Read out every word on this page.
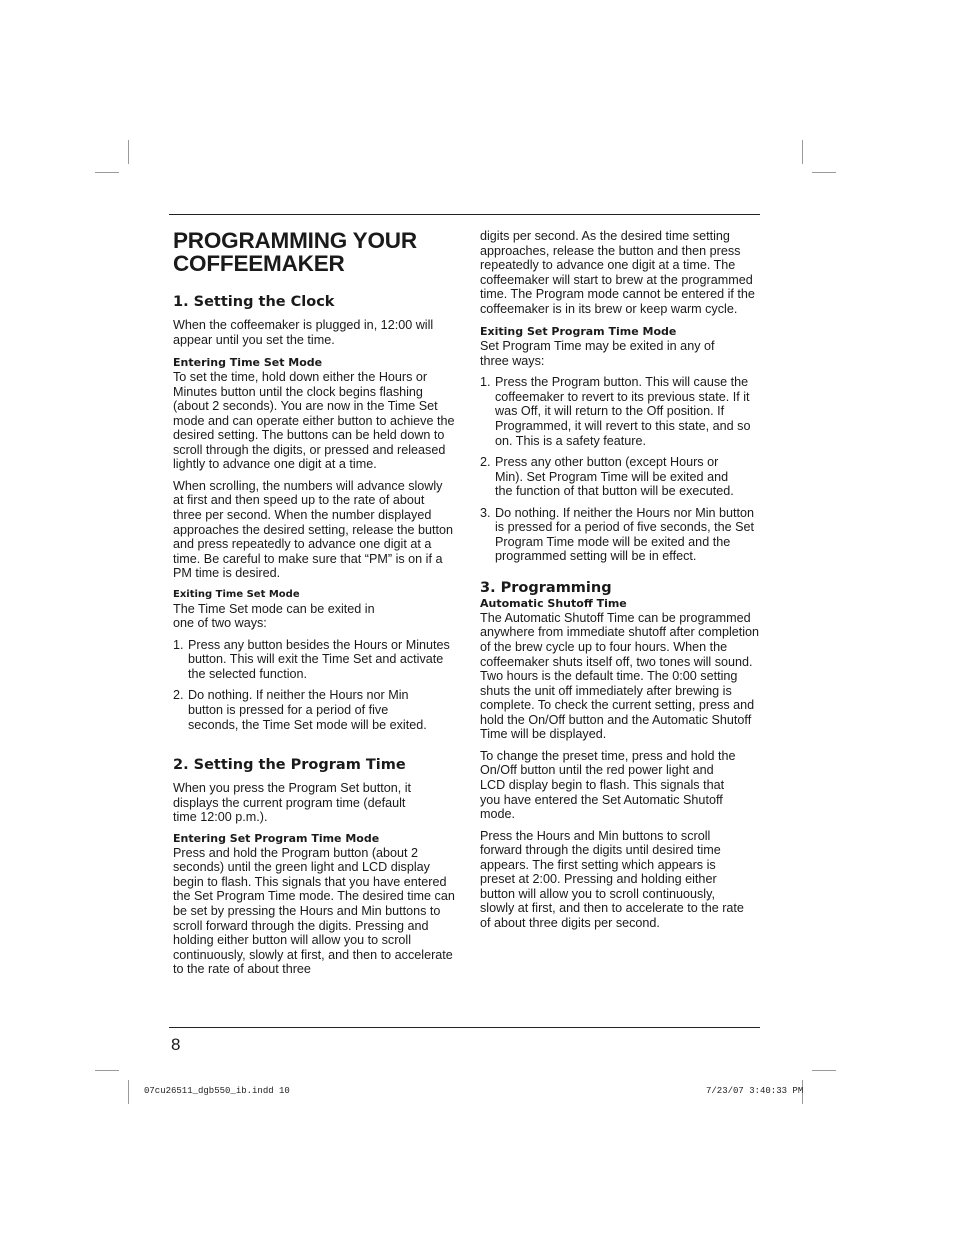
PROGRAMMING YOUR COFFEEMAKER
1. Setting the Clock

When the coffeemaker is plugged in, 12:00 will appear until you set the time.

Entering Time Set Mode

To set the time, hold down either the Hours or Minutes button until the clock begins flashing (about 2 seconds). You are now in the Time Set mode and can operate either button to achieve the desired setting. The buttons can be held down to scroll through the digits, or pressed and released lightly to advance one digit at a time.

When scrolling, the numbers will advance slowly at first and then speed up to the rate of about three per second. When the number displayed approaches the desired setting, release the button and press repeatedly to advance one digit at a time. Be careful to make sure that “PM” is on if a PM time is desired.

Exiting Time Set Mode

The Time Set mode can be exited in one of two ways:

1. Press any button besides the Hours or Minutes button. This will exit the Time Set and activate the selected function.
2. Do nothing. If neither the Hours nor Min button is pressed for a period of five seconds, the Time Set mode will be exited.
2. Setting the Program Time

When you press the Program Set button, it displays the current program time (default time 12:00 p.m.).

Entering Set Program Time Mode

Press and hold the Program button (about 2 seconds) until the green light and LCD display begin to flash. This signals that you have entered the Set Program Time mode. The desired time can be set by pressing the Hours and Min buttons to scroll forward through the digits. Pressing and holding either button will allow you to scroll continuously, slowly at first, and then to accelerate to the rate of about three

digits per second. As the desired time setting approaches, release the button and then press repeatedly to advance one digit at a time. The coffeemaker will start to brew at the programmed time. The Program mode cannot be entered if the coffeemaker is in its brew or keep warm cycle.

Exiting Set Program Time Mode

Set Program Time may be exited in any of three ways:

1. Press the Program button. This will cause the coffeemaker to revert to its previous state. If it was Off, it will return to the Off position. If Programmed, it will revert to this state, and so on. This is a safety feature.
2. Press any other button (except Hours or Min). Set Program Time will be exited and the function of that button will be executed.
3. Do nothing. If neither the Hours nor Min button is pressed for a period of five seconds, the Set Program Time mode will be exited and the programmed setting will be in effect.
3. Programming
Automatic Shutoff Time

The Automatic Shutoff Time can be programmed anywhere from immediate shutoff after completion of the brew cycle up to four hours. When the coffeemaker shuts itself off, two tones will sound. Two hours is the default time. The 0:00 setting shuts the unit off immediately after brewing is complete. To check the current setting, press and hold the On/Off button and the Automatic Shutoff Time will be displayed.

To change the preset time, press and hold the On/Off button until the red power light and LCD display begin to flash. This signals that you have entered the Set Automatic Shutoff mode.

Press the Hours and Min buttons to scroll forward through the digits until desired time appears. The first setting which appears is preset at 2:00. Pressing and holding either button will allow you to scroll continuously, slowly at first, and then to accelerate to the rate of about three digits per second.

8
07cu26511_dgb550_ib.indd 10	7/23/07 3:40:33 PM
